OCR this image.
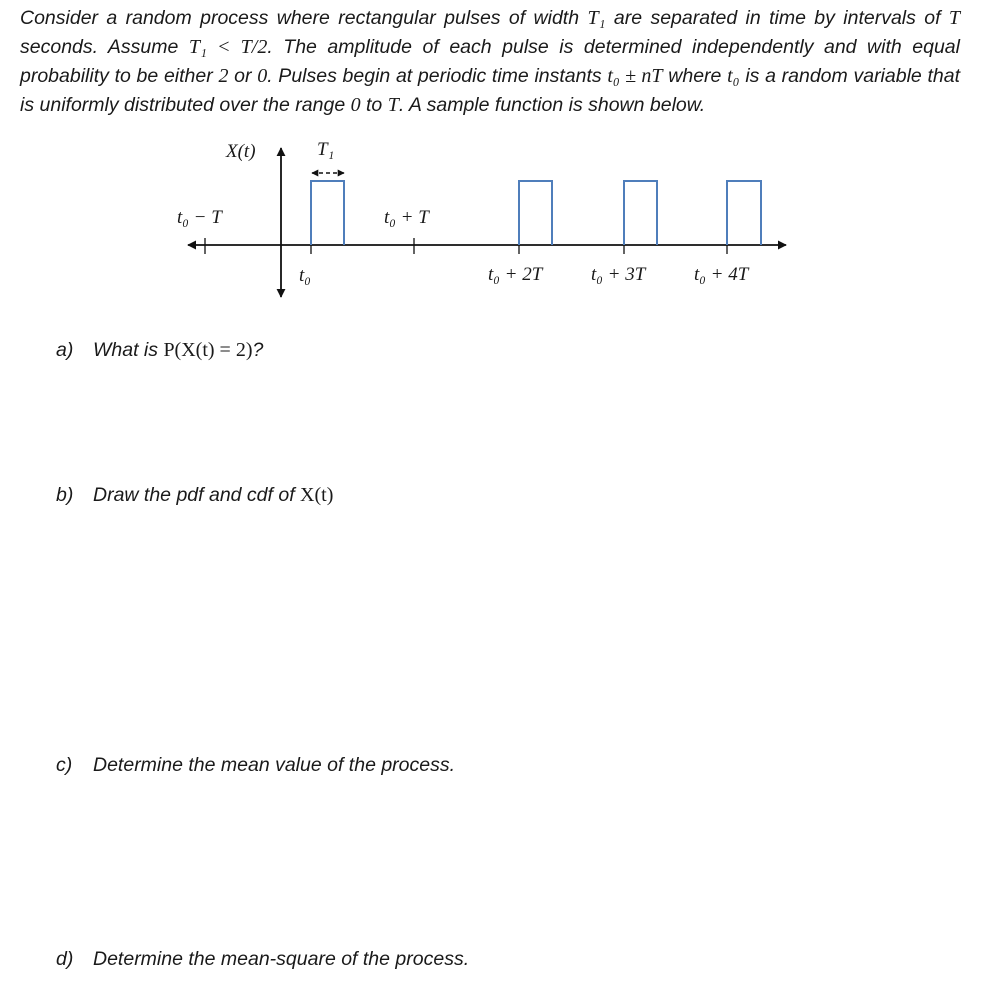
Consider a random process where rectangular pulses of width T₁ are separated in time by intervals of T seconds. Assume T₁ < T/2. The amplitude of each pulse is determined independently and with equal probability to be either 2 or 0. Pulses begin at periodic time instants t₀ ± nT where t₀ is a random variable that is uniformly distributed over the range 0 to T. A sample function is shown below.

X(t)	T₁
t₀ − T
t₀
t₀ + T
t₀ + 2T	t₀ + 3T	t₀ + 4T
a) What is P(X(t) = 2)?
b) Draw the pdf and cdf of X(t)
c) Determine the mean value of the process.
d) Determine the mean-square of the process.
